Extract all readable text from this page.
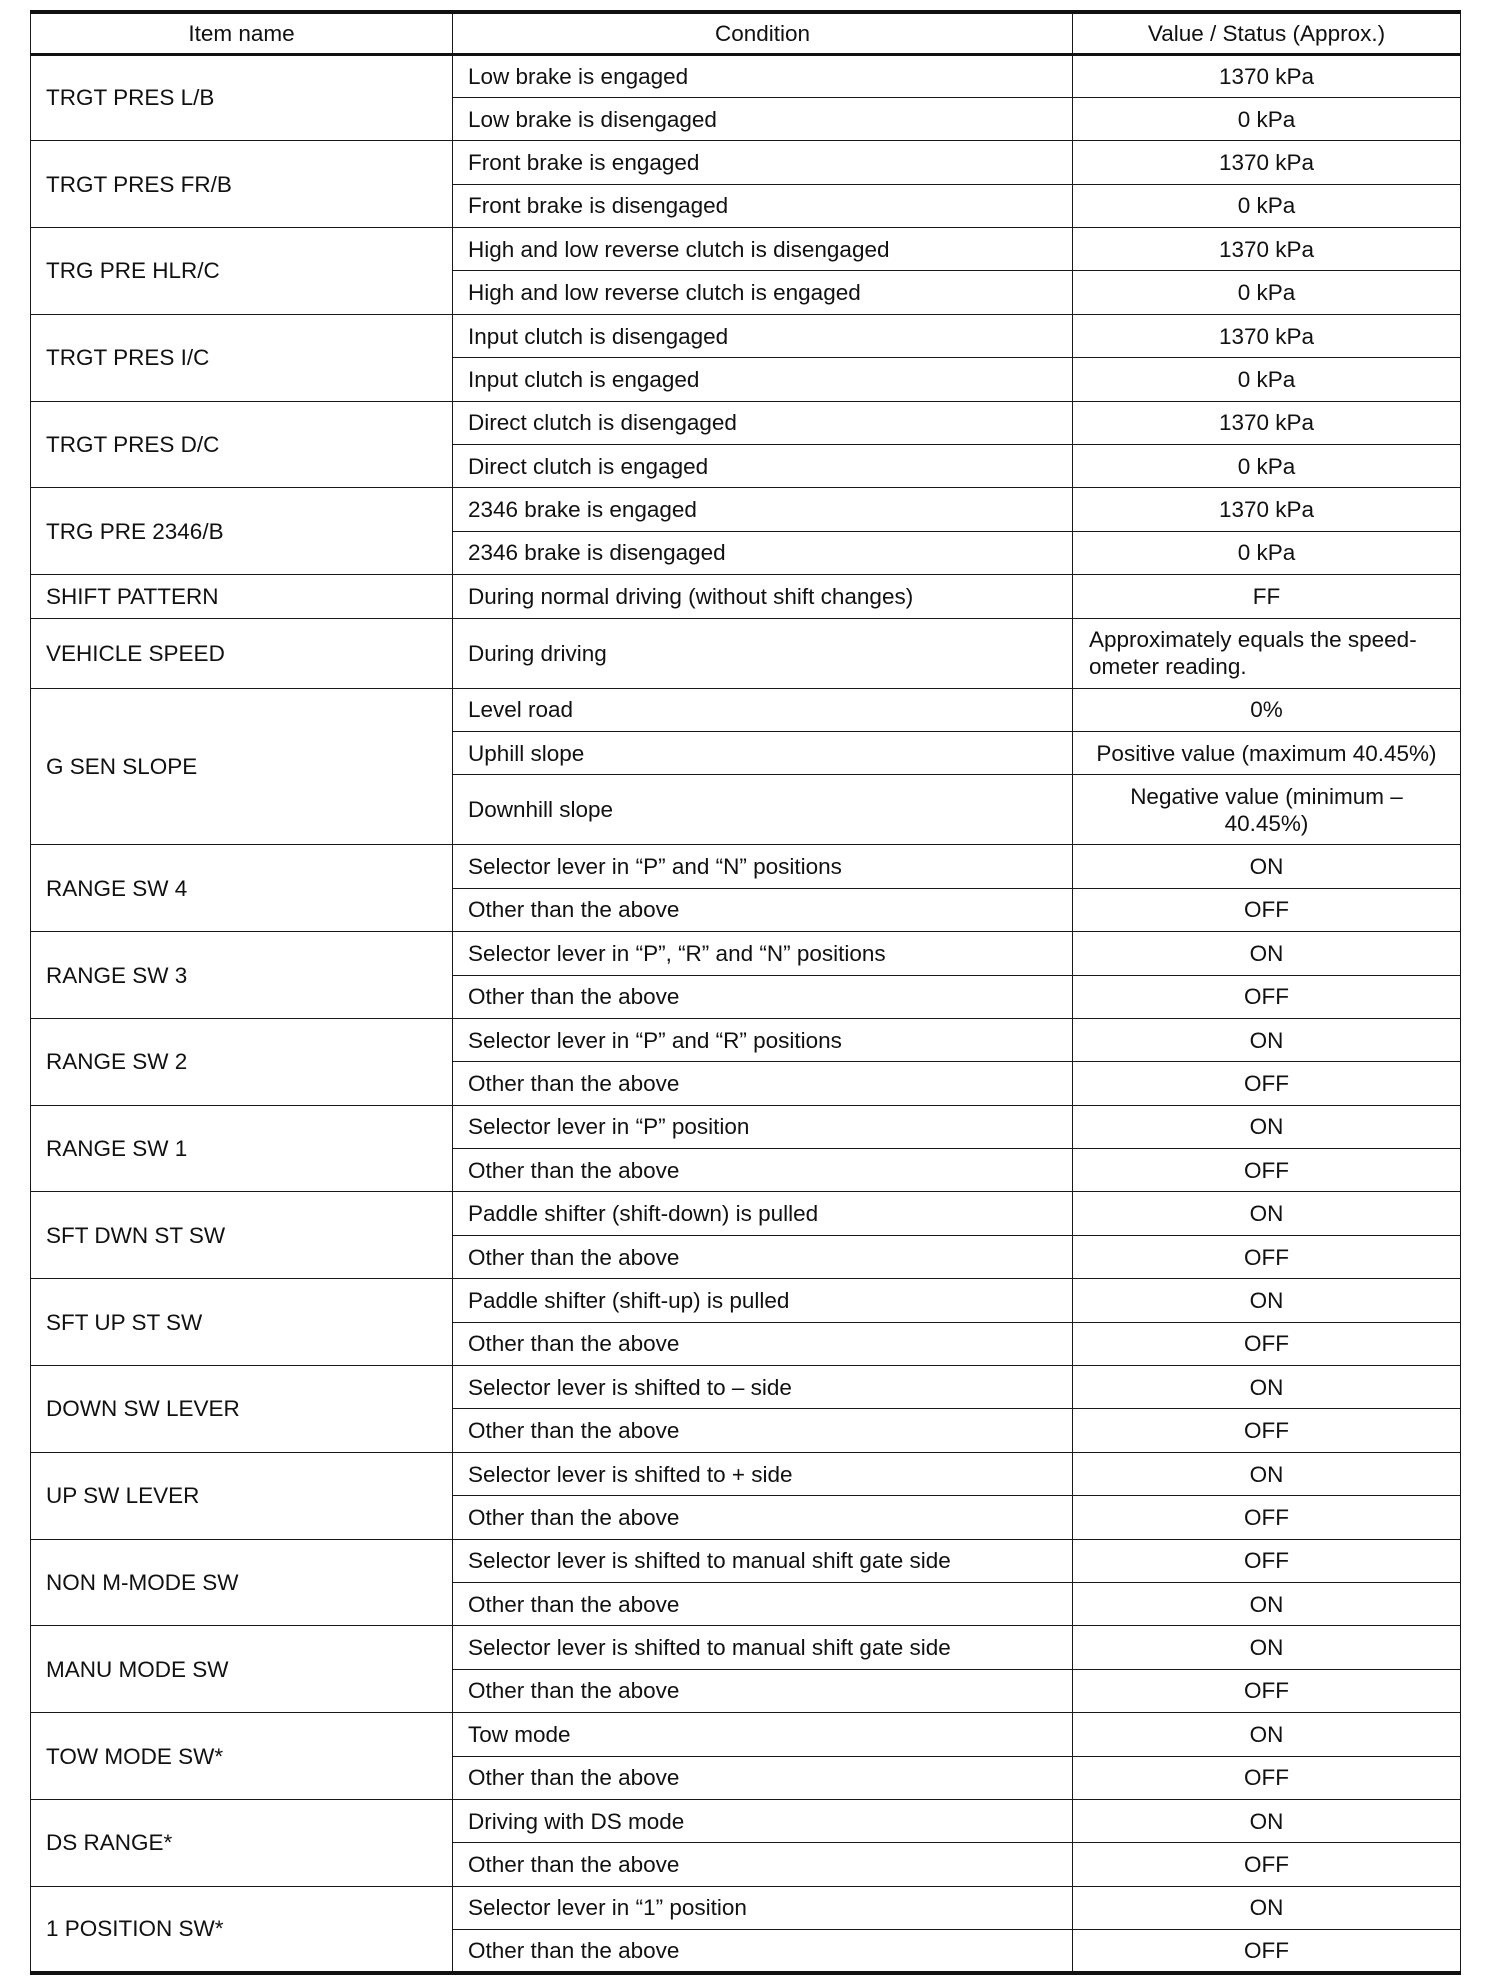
Item name	Condition	Value / Status (Approx.)
TRGT PRES L/B	Low brake is engaged	1370 kPa
	Low brake is disengaged	0 kPa
TRGT PRES FR/B	Front brake is engaged	1370 kPa
	Front brake is disengaged	0 kPa
TRG PRE HLR/C	High and low reverse clutch is disengaged	1370 kPa
	High and low reverse clutch is engaged	0 kPa
TRGT PRES I/C	Input clutch is disengaged	1370 kPa
	Input clutch is engaged	0 kPa
TRGT PRES D/C	Direct clutch is disengaged	1370 kPa
	Direct clutch is engaged	0 kPa
TRG PRE 2346/B	2346 brake is engaged	1370 kPa
	2346 brake is disengaged	0 kPa
SHIFT PATTERN	During normal driving (without shift changes)	FF
VEHICLE SPEED	During driving	Approximately equals the speed-
ometer reading.

G SEN SLOPE	Level road	0%
	Uphill slope	Positive value (maximum 40.45%)
	Downhill slope	Negative value (minimum –
40.45%)

RANGE SW 4	Selector lever in “P” and “N” positions	ON
	Other than the above	OFF
RANGE SW 3	Selector lever in “P”, “R” and “N” positions	ON
	Other than the above	OFF
RANGE SW 2	Selector lever in “P” and “R” positions	ON
	Other than the above	OFF
RANGE SW 1	Selector lever in “P” position	ON
	Other than the above	OFF
SFT DWN ST SW	Paddle shifter (shift-down) is pulled	ON
	Other than the above	OFF
SFT UP ST SW	Paddle shifter (shift-up) is pulled	ON
	Other than the above	OFF
DOWN SW LEVER	Selector lever is shifted to – side	ON
	Other than the above	OFF
UP SW LEVER	Selector lever is shifted to + side	ON
	Other than the above	OFF
NON M-MODE SW	Selector lever is shifted to manual shift gate side	OFF
	Other than the above	ON
MANU MODE SW	Selector lever is shifted to manual shift gate side	ON
	Other than the above	OFF
TOW MODE SW*	Tow mode	ON
	Other than the above	OFF
DS RANGE*	Driving with DS mode	ON
	Other than the above	OFF
1 POSITION SW*	Selector lever in “1” position	ON
	Other than the above	OFF
